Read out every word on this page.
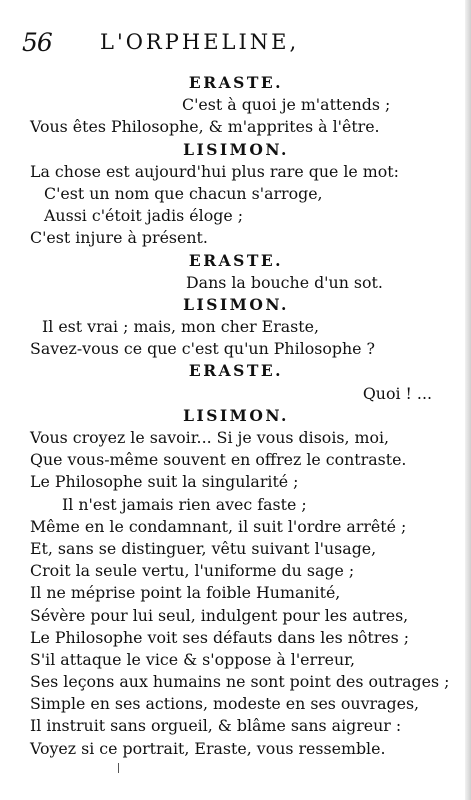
56 L'ORPHELINE,
ERASTE.
C'est à quoi je m'attends ;
Vous êtes Philosophe, & m'apprites à l'être.
LISIMON.
La chose est aujourd'hui plus rare que le mot:
C'est un nom que chacun s'arroge,
Aussi c'étoit jadis éloge ;
C'est injure à présent.
ERASTE.
Dans la bouche d'un sot.
LISIMON.
Il est vrai ; mais, mon cher Eraste,
Savez-vous ce que c'est qu'un Philosophe ?
ERASTE.
Quoi ! ...
LISIMON.
Vous croyez le savoir... Si je vous disois, moi,
Que vous-même souvent en offrez le contraste.
Le Philosophe suit la singularité ;
Il n'est jamais rien avec faste ;
Même en le condamnant, il suit l'ordre arrêté ;
Et, sans se distinguer, vêtu suivant l'usage,
Croit la seule vertu, l'uniforme du sage ;
Il ne méprise point la foible Humanité,
Sévère pour lui seul, indulgent pour les autres,
Le Philosophe voit ses défauts dans les nôtres ;
S'il attaque le vice & s'oppose à l'erreur,
Ses leçons aux humains ne sont point des outrages ;
Simple en ses actions, modeste en ses ouvrages,
Il instruit sans orgueil, & blâme sans aigreur :
Voyez si ce portrait, Eraste, vous ressemble.
